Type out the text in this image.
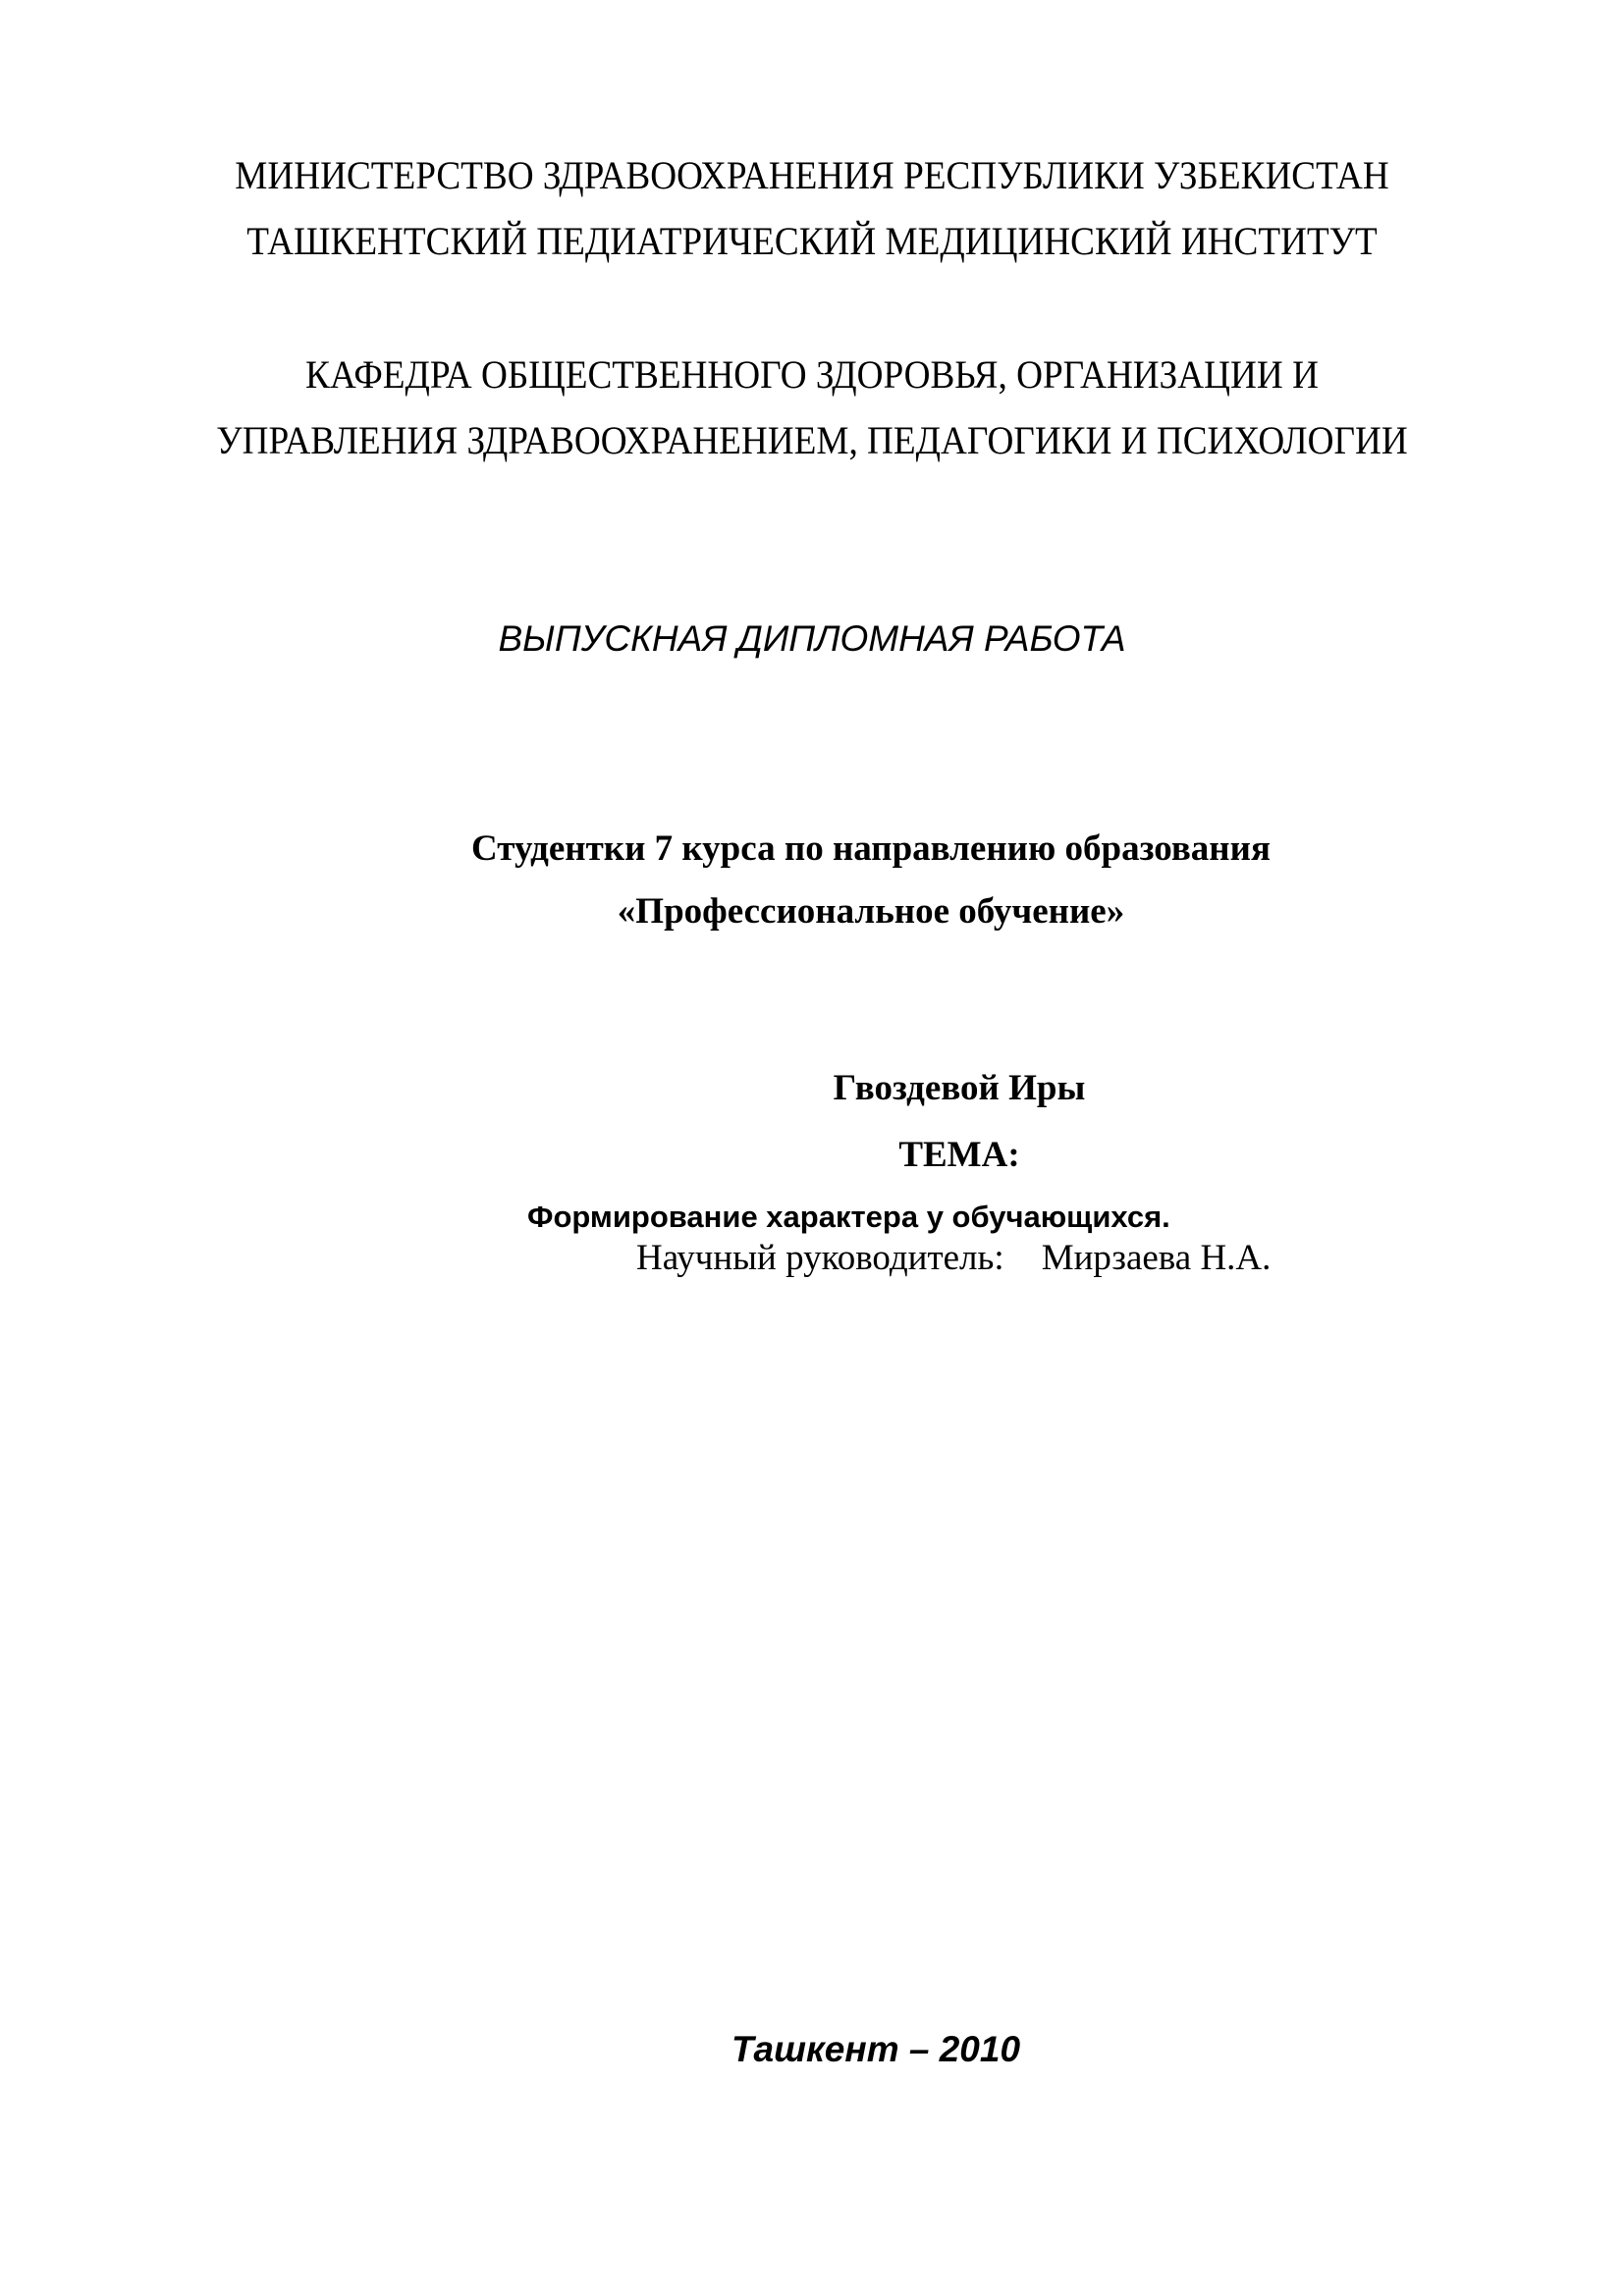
МИНИСТЕРСТВО ЗДРАВООХРАНЕНИЯ РЕСПУБЛИКИ УЗБЕКИСТАН
ТАШКЕНТСКИЙ ПЕДИАТРИЧЕСКИЙ МЕДИЦИНСКИЙ ИНСТИТУТ
КАФЕДРА ОБЩЕСТВЕННОГО ЗДОРОВЬЯ, ОРГАНИЗАЦИИ И
УПРАВЛЕНИЯ ЗДРАВООХРАНЕНИЕМ, ПЕДАГОГИКИ И ПСИХОЛОГИИ
ВЫПУСКНАЯ ДИПЛОМНАЯ РАБОТА
Студентки 7 курса по направлению образования
«Профессиональное обучение»
Гвоздевой Иры
ТЕМА:
Формирование характера у обучающихся.
Научный руководитель: Мирзаева Н.А.
Ташкент – 2010
